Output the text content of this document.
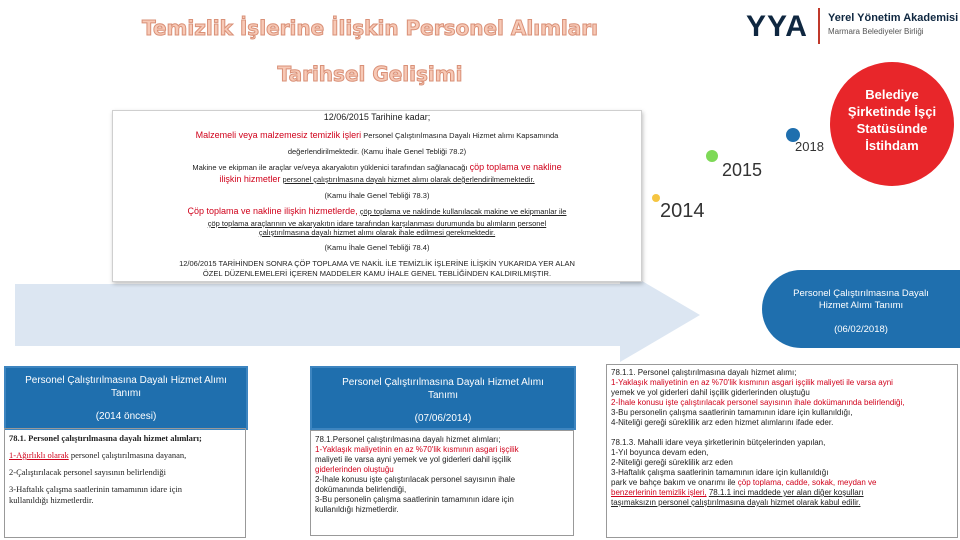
Temizlik İşlerine İlişkin Personel Alımları
Tarihsel Gelişimi
YYA Yerel Yönetim Akademisi
Marmara Belediyeler Birliği
12/06/2015 Tarihine kadar;
Malzemeli veya malzemesiz temizlik işleri Personel Çalıştırılmasına Dayalı Hizmet alımı Kapsamında
değerlendirilmektedir. (Kamu İhale Genel Tebliği 78.2)
Makine ve ekipman ile araçlar ve/veya akaryakıtın yüklenici tarafından sağlanacağı çöp toplama ve nakline
ilişkin hizmetler personel çalıştırılmasına dayalı hizmet alımı olarak değerlendirilmemektedir.
(Kamu İhale Genel Tebliği 78.3)
Çöp toplama ve nakline ilişkin hizmetlerde, çöp toplama ve naklinde kullanılacak makine ve ekipmanlar ile
çöp toplama araçlarının ve akaryakıtın idare tarafından karşılanması durumunda bu alımların personel
çalıştırılmasına dayalı hizmet alımı olarak ihale edilmesi gerekmektedir.
(Kamu İhale Genel Tebliği 78.4)
12/06/2015 TARİHİNDEN SONRA ÇÖP TOPLAMA VE NAKİL İLE TEMİZLİK İŞLERİNE İLİŞKİN YUKARIDA YER ALAN
ÖZEL DÜZENLEMELERİ İÇEREN MADDELER KAMU İHALE GENEL TEBLİĞİNDEN KALDIRILMIŞTIR.
2014
2015
2018
Belediye
Şirketinde İşçi
Statüsünde
İstihdam
Personel Çalıştırılmasına Dayalı
Hizmet Alımı Tanımı
(06/02/2018)
Personel Çalıştırılmasına Dayalı Hizmet Alımı
Tanımı
(2014 öncesi)
78.1. Personel çalıştırılmasına dayalı hizmet alımları;
1-Ağırlıklı olarak personel çalıştırılmasına dayanan,
2-Çalıştırılacak personel sayısının belirlendiği
3-Haftalık çalışma saatlerinin tamamının idare için
kullanıldığı hizmetlerdir.
Personel Çalıştırılmasına Dayalı Hizmet Alımı
Tanımı
(07/06/2014)
78.1.Personel çalıştırılmasına dayalı hizmet alımları;
1-Yaklaşık maliyetinin en az %70'lik kısmının asgari işçilik
maliyeti ile varsa ayni yemek ve yol giderleri dahil işçilik
giderlerinden oluştuğu
2-İhale konusu işte çalıştırılacak personel sayısının ihale
dokümanında belirlendiği,
3-Bu personelin çalışma saatlerinin tamamının idare için
kullanıldığı hizmetlerdir.
78.1.1. Personel çalıştırılmasına dayalı hizmet alımı;
1-Yaklaşık maliyetinin en az %70'lik kısmının asgari işçilik maliyeti ile varsa ayni
yemek ve yol giderleri dahil işçilik giderlerinden oluştuğu
2-İhale konusu işte çalıştırılacak personel sayısının ihale dokümanında belirlendiği,
3-Bu personelin çalışma saatlerinin tamamının idare için kullanıldığı,
4-Niteliği gereği süreklilik arz eden hizmet alımlarını ifade eder.
78.1.3. Mahalli idare veya şirketlerinin bütçelerinden yapılan,
1-Yıl boyunca devam eden,
2-Niteliği gereği süreklilik arz eden
3-Haftalık çalışma saatlerinin tamamının idare için kullanıldığı
park ve bahçe bakım ve onarımı ile çöp toplama, cadde, sokak, meydan ve
benzerlerinin temizlik işleri, 78.1.1 inci maddede yer alan diğer koşulları
taşımaksızın personel çalıştırılmasına dayalı hizmet olarak kabul edilir.
